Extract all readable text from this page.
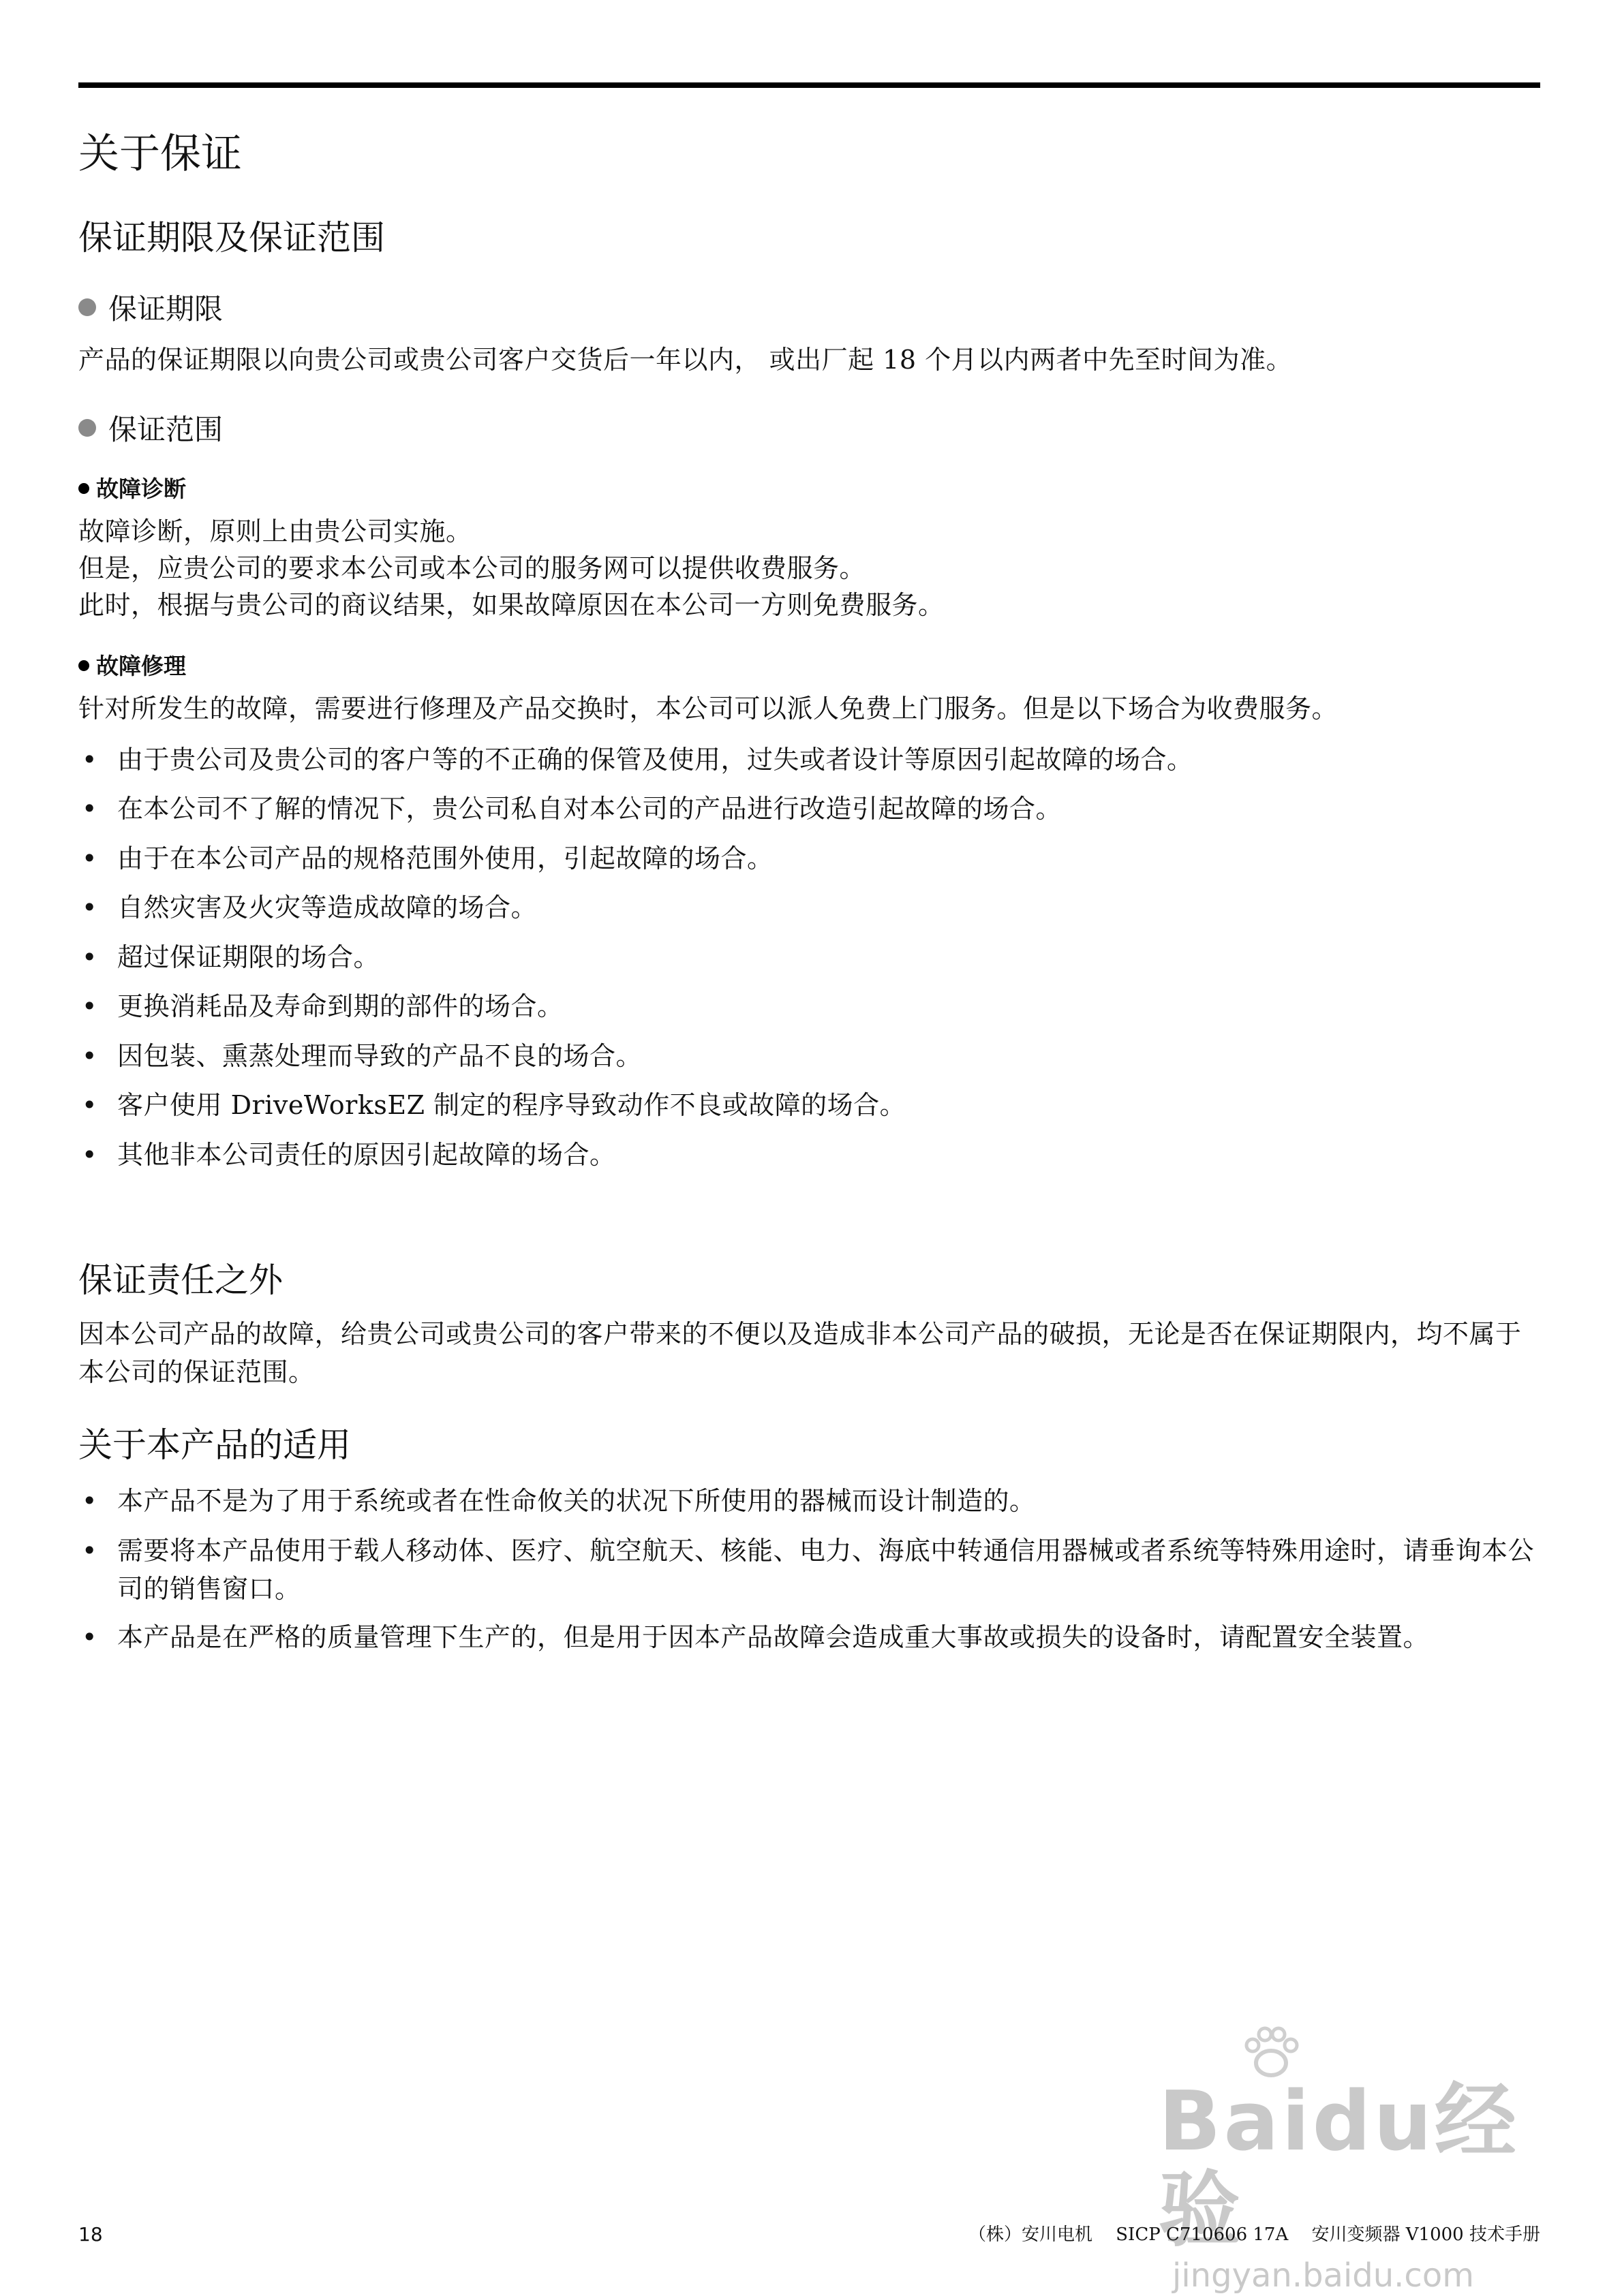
关于保证
保证期限及保证范围
保证期限
产品的保证期限以向贵公司或贵公司客户交货后一年以内， 或出厂起 18 个月以内两者中先至时间为准。
保证范围
故障诊断
故障诊断，原则上由贵公司实施。
但是，应贵公司的要求本公司或本公司的服务网可以提供收费服务。
此时，根据与贵公司的商议结果，如果故障原因在本公司一方则免费服务。
故障修理
针对所发生的故障，需要进行修理及产品交换时，本公司可以派人免费上门服务。但是以下场合为收费服务。
• 由于贵公司及贵公司的客户等的不正确的保管及使用，过失或者设计等原因引起故障的场合。
• 在本公司不了解的情况下，贵公司私自对本公司的产品进行改造引起故障的场合。
• 由于在本公司产品的规格范围外使用，引起故障的场合。
• 自然灾害及火灾等造成故障的场合。
• 超过保证期限的场合。
• 更换消耗品及寿命到期的部件的场合。
• 因包装、熏蒸处理而导致的产品不良的场合。
• 客户使用 DriveWorksEZ 制定的程序导致动作不良或故障的场合。
• 其他非本公司责任的原因引起故障的场合。
保证责任之外
因本公司产品的故障，给贵公司或贵公司的客户带来的不便以及造成非本公司产品的破损，无论是否在保证期限内，均不属于本公司的保证范围。
关于本产品的适用
• 本产品不是为了用于系统或者在性命攸关的状况下所使用的器械而设计制造的。
• 需要将本产品使用于载人移动体、医疗、航空航天、核能、电力、海底中转通信用器械或者系统等特殊用途时，请垂询本公司的销售窗口。
• 本产品是在严格的质量管理下生产的，但是用于因本产品故障会造成重大事故或损失的设备时，请配置安全装置。
Baidu经验
jingyan.baidu.com
18	（株）安川电机　 SICP C710606 17A　 安川变频器 V1000 技术手册
